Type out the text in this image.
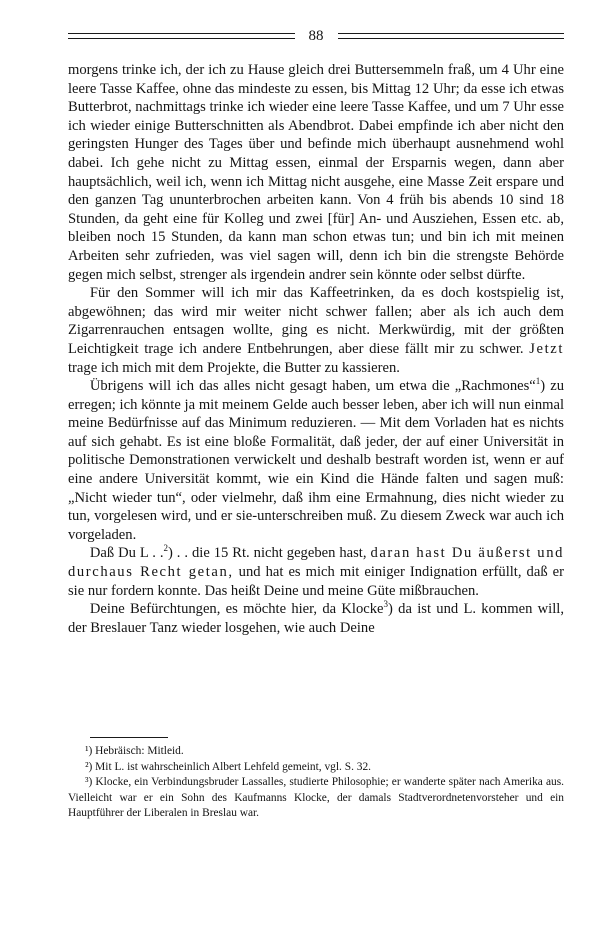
88

morgens trinke ich, der ich zu Hause gleich drei Buttersemmeln fraß, um 4 Uhr eine leere Tasse Kaffee, ohne das mindeste zu essen, bis Mittag 12 Uhr; da esse ich etwas Butterbrot, nachmittags trinke ich wieder eine leere Tasse Kaffee, und um 7 Uhr esse ich wieder einige Butterschnitten als Abendbrot. Dabei empfinde ich aber nicht den geringsten Hunger des Tages über und befinde mich überhaupt ausnehmend wohl dabei. Ich gehe nicht zu Mittag essen, einmal der Ersparnis wegen, dann aber hauptsächlich, weil ich, wenn ich Mittag nicht ausgehe, eine Masse Zeit erspare und den ganzen Tag ununterbrochen arbeiten kann. Von 4 früh bis abends 10 sind 18 Stunden, da geht eine für Kolleg und zwei [für] An- und Ausziehen, Essen etc. ab, bleiben noch 15 Stunden, da kann man schon etwas tun; und bin ich mit meinen Arbeiten sehr zufrieden, was viel sagen will, denn ich bin die strengste Behörde gegen mich selbst, strenger als irgendein andrer sein könnte oder selbst dürfte.

Für den Sommer will ich mir das Kaffeetrinken, da es doch kostspielig ist, abgewöhnen; das wird mir weiter nicht schwer fallen; aber als ich auch dem Zigarrenrauchen entsagen wollte, ging es nicht. Merkwürdig, mit der größten Leichtigkeit trage ich andere Entbehrungen, aber diese fällt mir zu schwer. Jetzt trage ich mich mit dem Projekte, die Butter zu kassieren.

Übrigens will ich das alles nicht gesagt haben, um etwa die „Rachmones“$^1$) zu erregen; ich könnte ja mit meinem Gelde auch besser leben, aber ich will nun einmal meine Bedürfnisse auf das Minimum reduzieren. — Mit dem Vorladen hat es nichts auf sich gehabt. Es ist eine bloße Formalität, daß jeder, der auf einer Universität in politische Demonstrationen verwickelt und deshalb bestraft worden ist, wenn er auf eine andere Universität kommt, wie ein Kind die Hände falten und sagen muß: „Nicht wieder tun“, oder vielmehr, daß ihm eine Ermahnung, dies nicht wieder zu tun, vorgelesen wird, und er sie-unterschreiben muß. Zu diesem Zweck war auch ich vorgeladen.

Daß Du L . .$^2$) . . die 15 Rt. nicht gegeben hast, daran hast Du äußerst und durchaus Recht getan, und hat es mich mit einiger Indignation erfüllt, daß er sie nur fordern konnte. Das heißt Deine und meine Güte mißbrauchen.

Deine Befürchtungen, es möchte hier, da Klocke$^3$) da ist und L. kommen will, der Breslauer Tanz wieder losgehen, wie auch Deine

¹) Hebräisch: Mitleid.

²) Mit L. ist wahrscheinlich Albert Lehfeld gemeint, vgl. S. 32.

³) Klocke, ein Verbindungsbruder Lassalles, studierte Philosophie; er wanderte später nach Amerika aus. Vielleicht war er ein Sohn des Kaufmanns Klocke, der damals Stadtverordnetenvorsteher und ein Hauptführer der Liberalen in Breslau war.
